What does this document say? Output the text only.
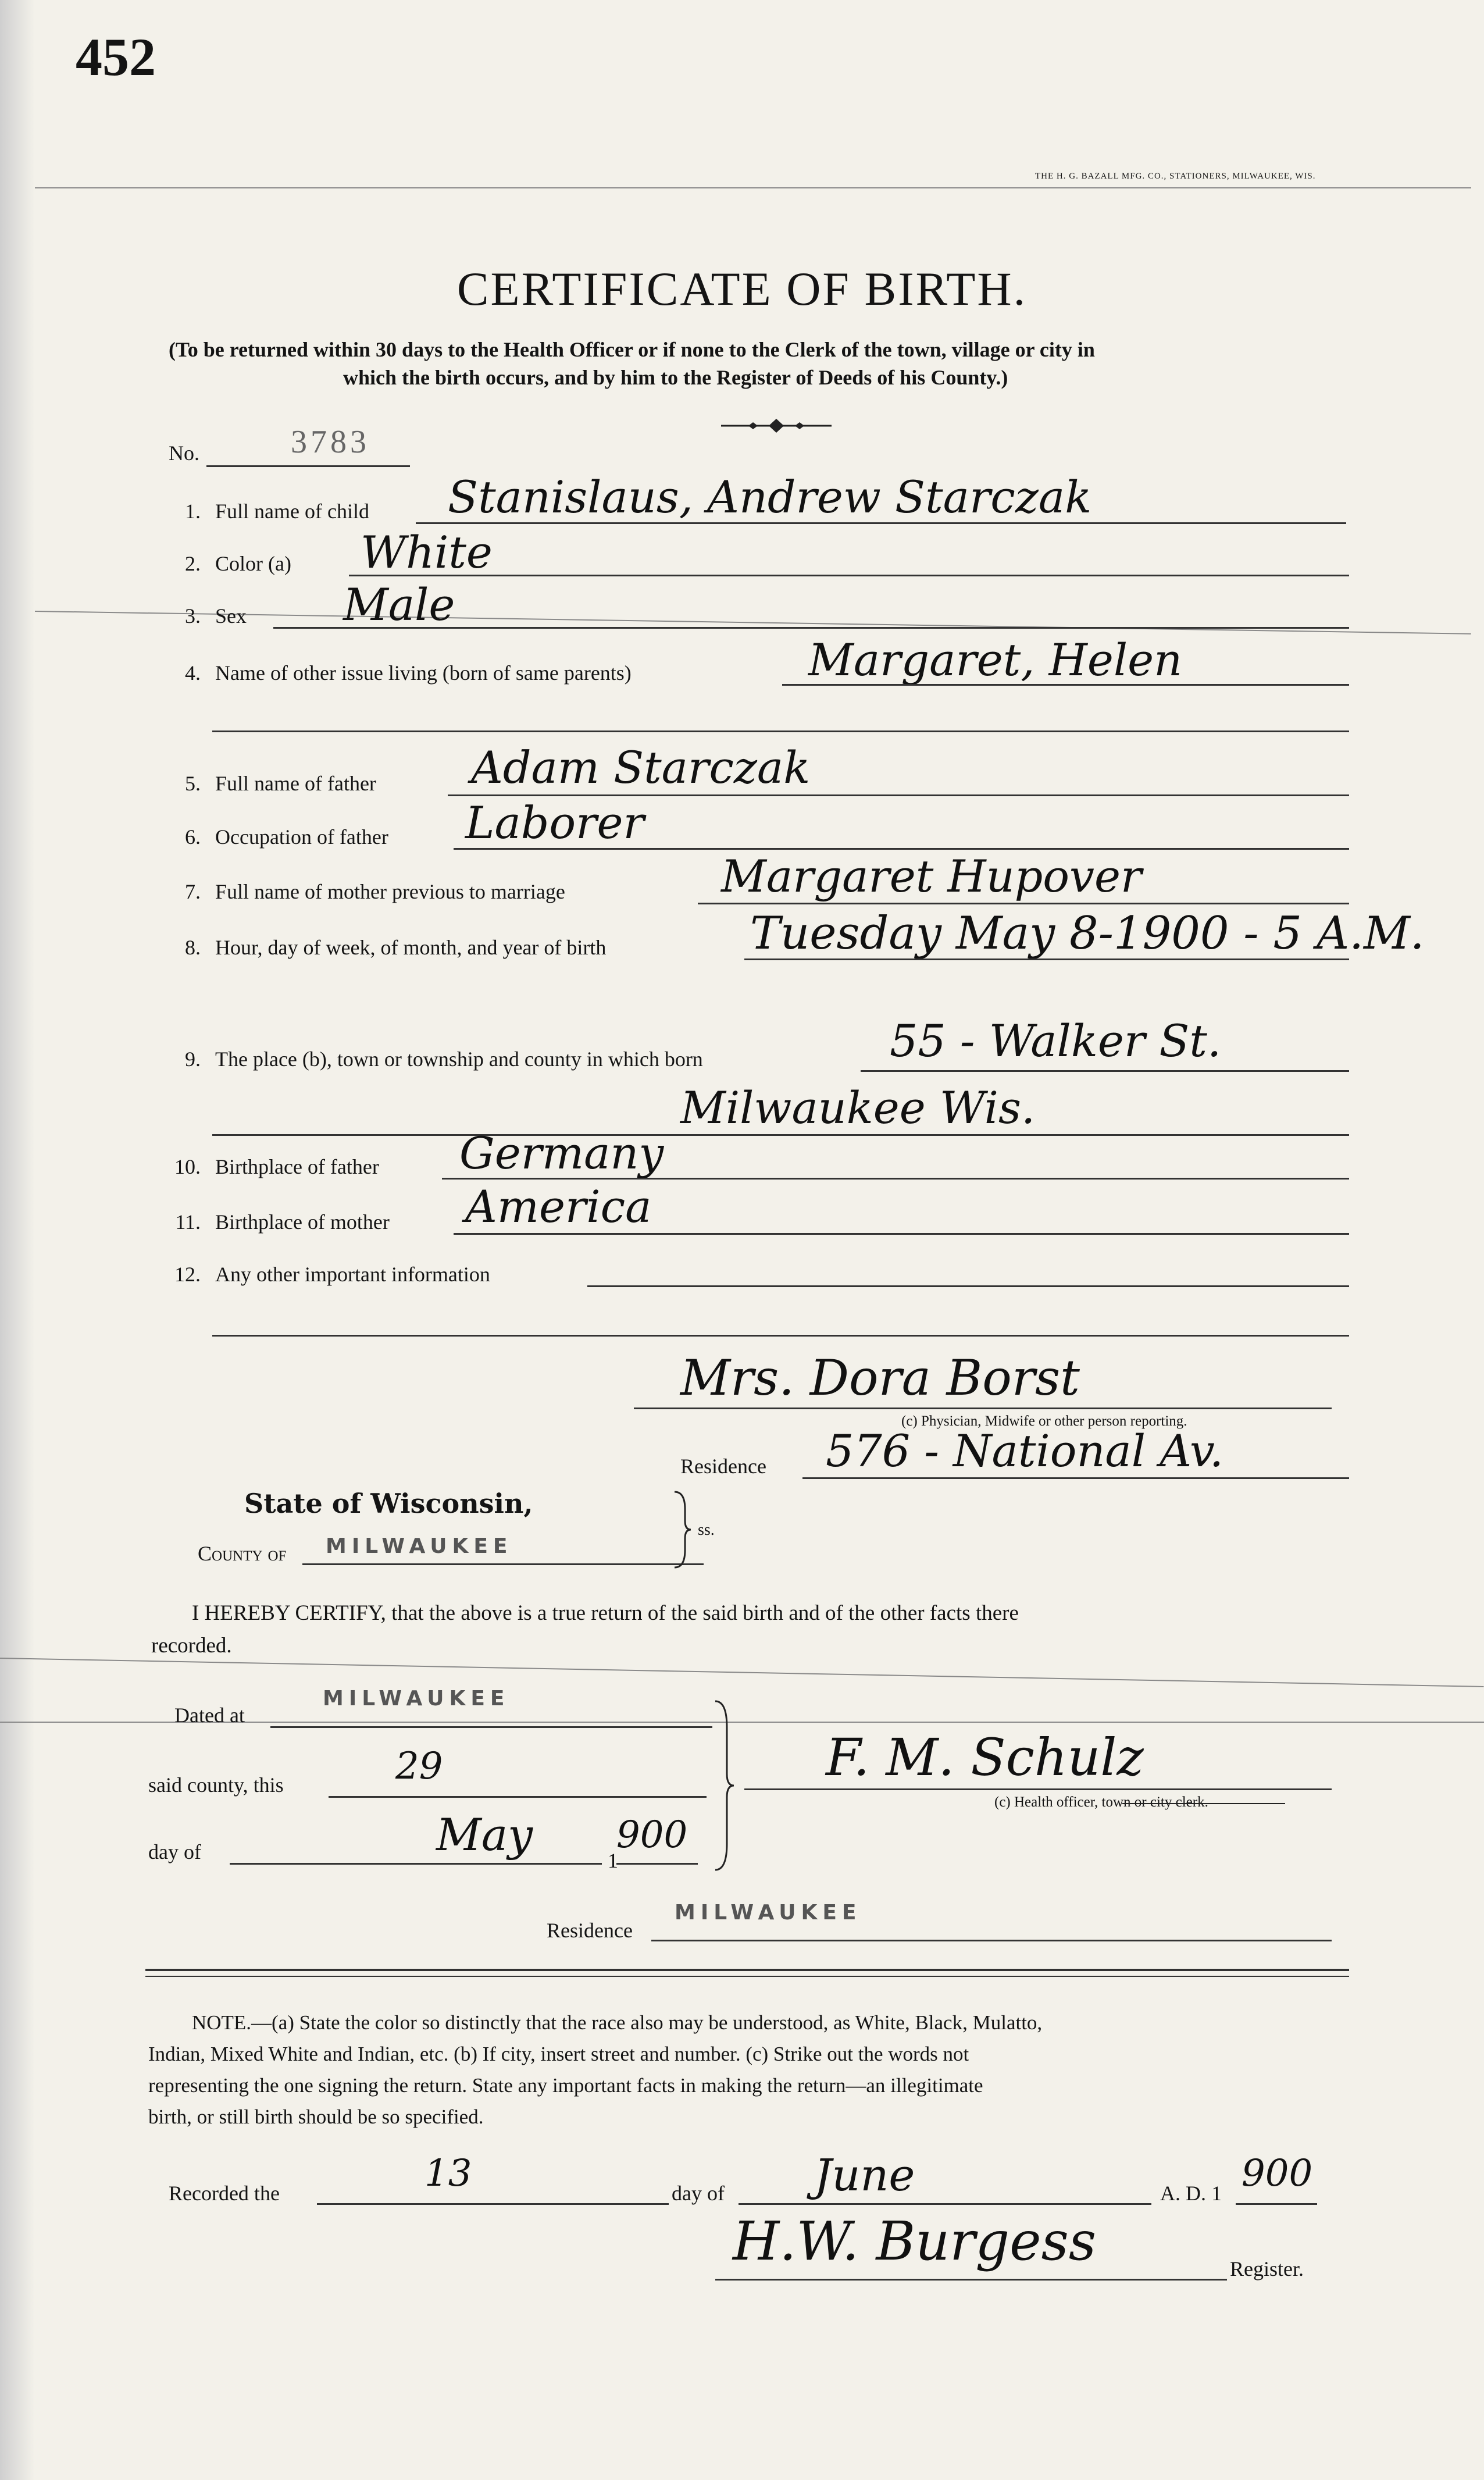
452
THE H. G. BAZALL MFG. CO., STATIONERS, MILWAUKEE, WIS.
CERTIFICATE OF BIRTH.
(To be returned within 30 days to the Health Officer or if none to the Clerk of the town, village or city in
which the birth occurs, and by him to the Register of Deeds of his County.)
No.	3783
1. Full name of child Stanislaus, Andrew Starczak
2. Color (a) White
3. Sex Male
4. Name of other issue living (born of same parents)	Margaret, Helen
5. Full name of father Adam Starczak
6. Occupation of father Laborer
7. Full name of mother previous to marriage	Margaret Hupover
8. Hour, day of week, of month, and year of birth	Tuesday May 8-1900 - 5 A.M.
9. The place (b), town or township and county in which born	55 - Walker St.
Milwaukee Wis.
10. Birthplace of father Germany
11. Birthplace of mother America
12. Any other important information
Mrs. Dora Borst
(c) Physician, Midwife or other person reporting.
Residence 576 - National Av.
State of Wisconsin,
County of MILWAUKEE
ss.
I HEREBY CERTIFY, that the above is a true return of the said birth and of the other facts there
recorded.
Dated at
MILWAUKEE
said county, this	29
day of	May	1
900
F. M. Schulz
(c) Health officer, town or city clerk.
Residence
MILWAUKEE
NOTE.—(a) State the color so distinctly that the race also may be understood, as White, Black, Mulatto,
Indian, Mixed White and Indian, etc. (b) If city, insert street and number. (c) Strike out the words not
representing the one signing the return. State any important facts in making the return—an illegitimate
birth, or still birth should be so specified.
Recorded the	13	day of June	A. D. 1 900
H.W. Burgess	Register.
